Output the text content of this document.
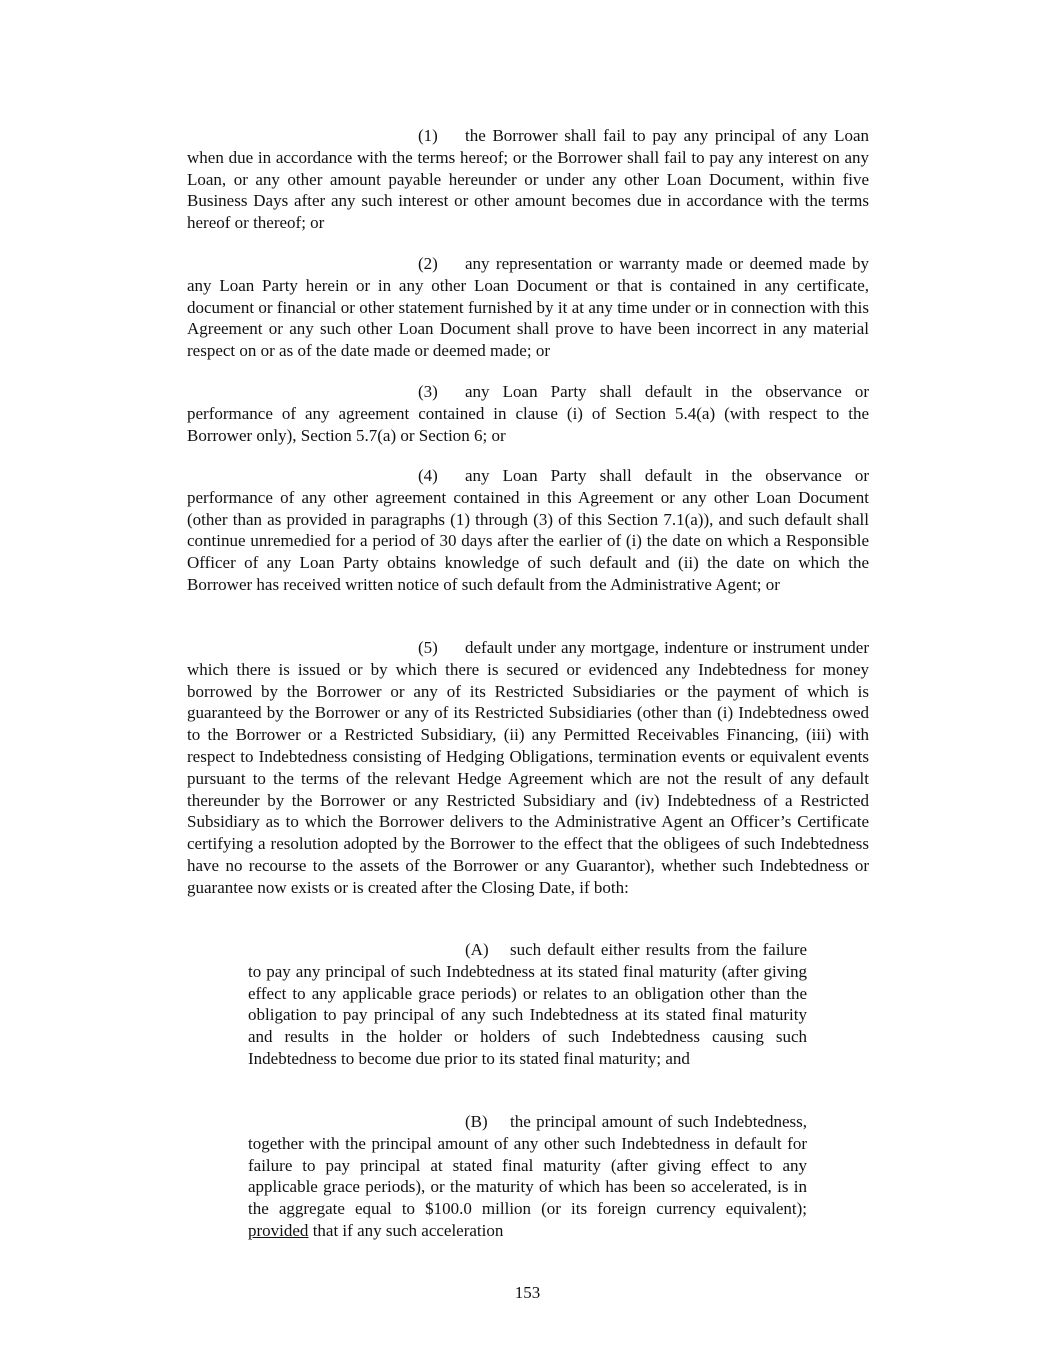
(1) the Borrower shall fail to pay any principal of any Loan when due in accordance with the terms hereof; or the Borrower shall fail to pay any interest on any Loan, or any other amount payable hereunder or under any other Loan Document, within five Business Days after any such interest or other amount becomes due in accordance with the terms hereof or thereof; or

(2) any representation or warranty made or deemed made by any Loan Party herein or in any other Loan Document or that is contained in any certificate, document or financial or other statement furnished by it at any time under or in connection with this Agreement or any such other Loan Document shall prove to have been incorrect in any material respect on or as of the date made or deemed made; or

(3) any Loan Party shall default in the observance or performance of any agreement contained in clause (i) of Section 5.4(a) (with respect to the Borrower only), Section 5.7(a) or Section 6; or

(4) any Loan Party shall default in the observance or performance of any other agreement contained in this Agreement or any other Loan Document (other than as provided in paragraphs (1) through (3) of this Section 7.1(a)), and such default shall continue unremedied for a period of 30 days after the earlier of (i) the date on which a Responsible Officer of any Loan Party obtains knowledge of such default and (ii) the date on which the Borrower has received written notice of such default from the Administrative Agent; or

(5) default under any mortgage, indenture or instrument under which there is issued or by which there is secured or evidenced any Indebtedness for money borrowed by the Borrower or any of its Restricted Subsidiaries or the payment of which is guaranteed by the Borrower or any of its Restricted Subsidiaries (other than (i) Indebtedness owed to the Borrower or a Restricted Subsidiary, (ii) any Permitted Receivables Financing, (iii) with respect to Indebtedness consisting of Hedging Obligations, termination events or equivalent events pursuant to the terms of the relevant Hedge Agreement which are not the result of any default thereunder by the Borrower or any Restricted Subsidiary and (iv) Indebtedness of a Restricted Subsidiary as to which the Borrower delivers to the Administrative Agent an Officer’s Certificate certifying a resolution adopted by the Borrower to the effect that the obligees of such Indebtedness have no recourse to the assets of the Borrower or any Guarantor), whether such Indebtedness or guarantee now exists or is created after the Closing Date, if both:

(A) such default either results from the failure to pay any principal of such Indebtedness at its stated final maturity (after giving effect to any applicable grace periods) or relates to an obligation other than the obligation to pay principal of any such Indebtedness at its stated final maturity and results in the holder or holders of such Indebtedness causing such Indebtedness to become due prior to its stated final maturity; and

(B) the principal amount of such Indebtedness, together with the principal amount of any other such Indebtedness in default for failure to pay principal at stated final maturity (after giving effect to any applicable grace periods), or the maturity of which has been so accelerated, is in the aggregate equal to $100.0 million (or its foreign currency equivalent); provided that if any such acceleration

153
